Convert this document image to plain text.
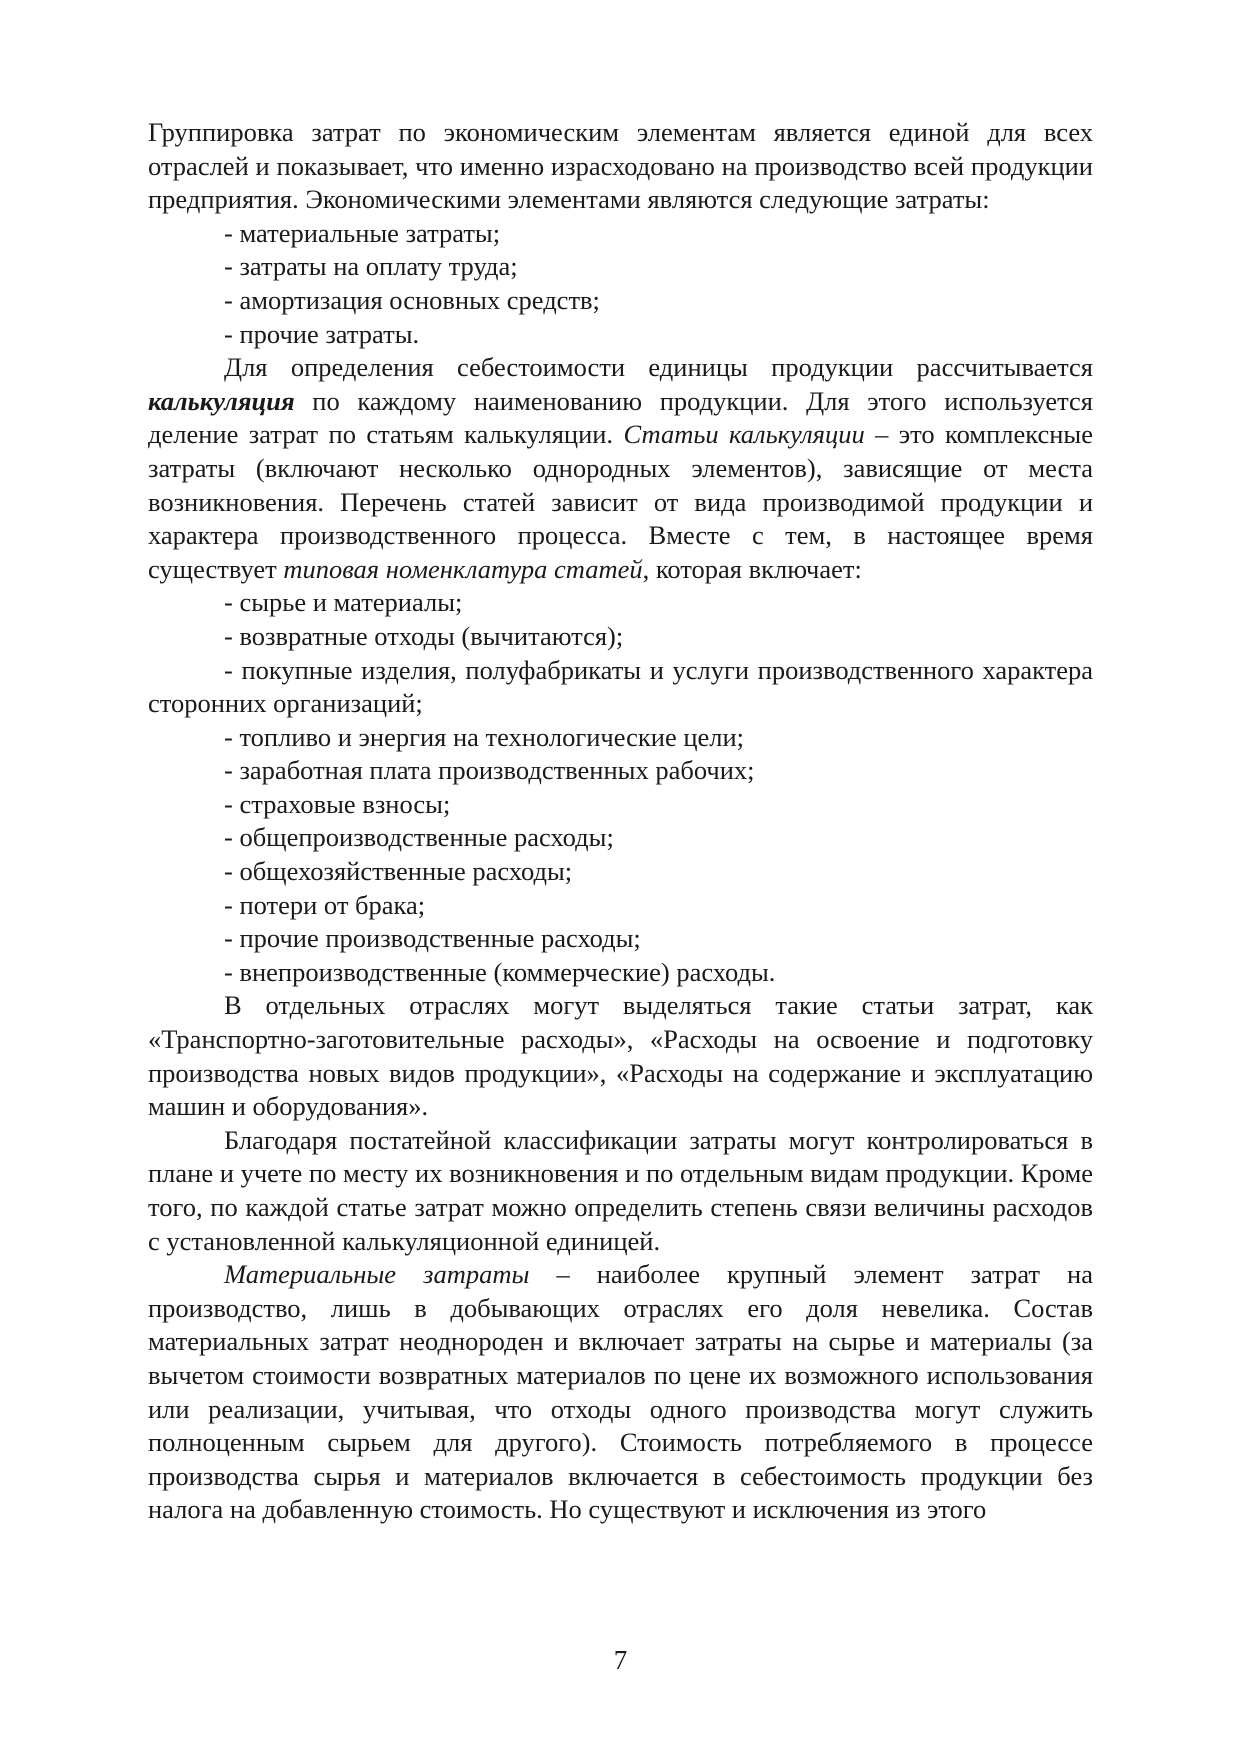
Группировка затрат по экономическим элементам является единой для всех отраслей и показывает, что именно израсходовано на производство всей продукции предприятия. Экономическими элементами являются следующие затраты:

- материальные затраты;

- затраты на оплату труда;

- амортизация основных средств;

- прочие затраты.

Для определения себестоимости единицы продукции рассчитывается калькуляция по каждому наименованию продукции. Для этого используется деление затрат по статьям калькуляции. Статьи калькуляции – это комплексные затраты (включают несколько однородных элементов), зависящие от места возникновения. Перечень статей зависит от вида производимой продукции и характера производственного процесса. Вместе с тем, в настоящее время существует типовая номенклатура статей, которая включает:

- сырье и материалы;

- возвратные отходы (вычитаются);

- покупные изделия, полуфабрикаты и услуги производственного характера сторонних организаций;

- топливо и энергия на технологические цели;

- заработная плата производственных рабочих;

- страховые взносы;

- общепроизводственные расходы;

- общехозяйственные расходы;

- потери от брака;

- прочие производственные расходы;

- внепроизводственные (коммерческие) расходы.

В отдельных отраслях могут выделяться такие статьи затрат, как «Транспортно-заготовительные расходы», «Расходы на освоение и подготовку производства новых видов продукции», «Расходы на содержание и эксплуатацию машин и оборудования».

Благодаря постатейной классификации затраты могут контролироваться в плане и учете по месту их возникновения и по отдельным видам продукции. Кроме того, по каждой статье затрат можно определить степень связи величины расходов с установленной калькуляционной единицей.

Материальные затраты – наиболее крупный элемент затрат на производство, лишь в добывающих отраслях его доля невелика. Состав материальных затрат неоднороден и включает затраты на сырье и материалы (за вычетом стоимости возвратных материалов по цене их возможного использования или реализации, учитывая, что отходы одного производства могут служить полноценным сырьем для другого). Стоимость потребляемого в процессе производства сырья и материалов включается в себестоимость продукции без налога на добавленную стоимость. Но существуют и исключения из этого

7
